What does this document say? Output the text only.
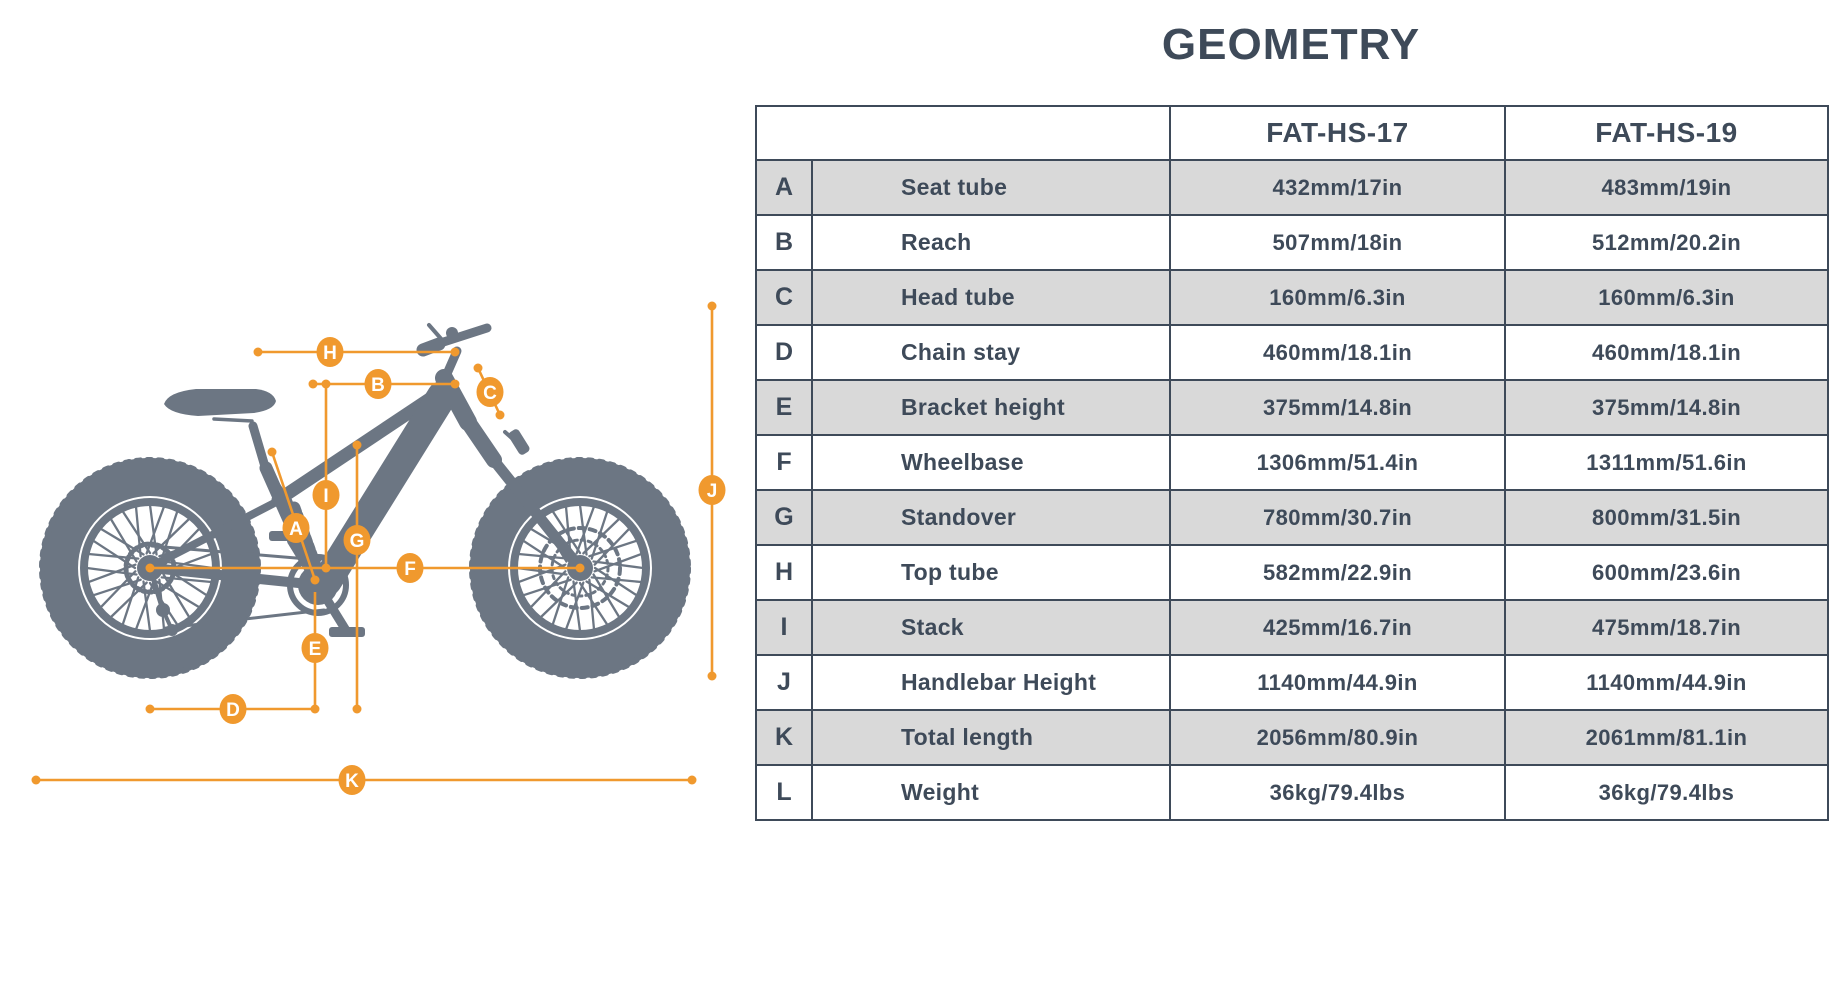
A
B	C
D
E
F
G
H
I	J
K
GEOMETRY
		FAT-HS-17	FAT-HS-19
A	Seat tube	432mm/17in	483mm/19in
B	Reach	507mm/18in	512mm/20.2in
C	Head tube	160mm/6.3in	160mm/6.3in
D	Chain stay	460mm/18.1in	460mm/18.1in
E	Bracket height	375mm/14.8in	375mm/14.8in
F	Wheelbase	1306mm/51.4in	1311mm/51.6in
G	Standover	780mm/30.7in	800mm/31.5in
H	Top tube	582mm/22.9in	600mm/23.6in
I	Stack	425mm/16.7in	475mm/18.7in
J	Handlebar Height	1140mm/44.9in	1140mm/44.9in
K	Total length	2056mm/80.9in	2061mm/81.1in
L	Weight	36kg/79.4lbs	36kg/79.4lbs
